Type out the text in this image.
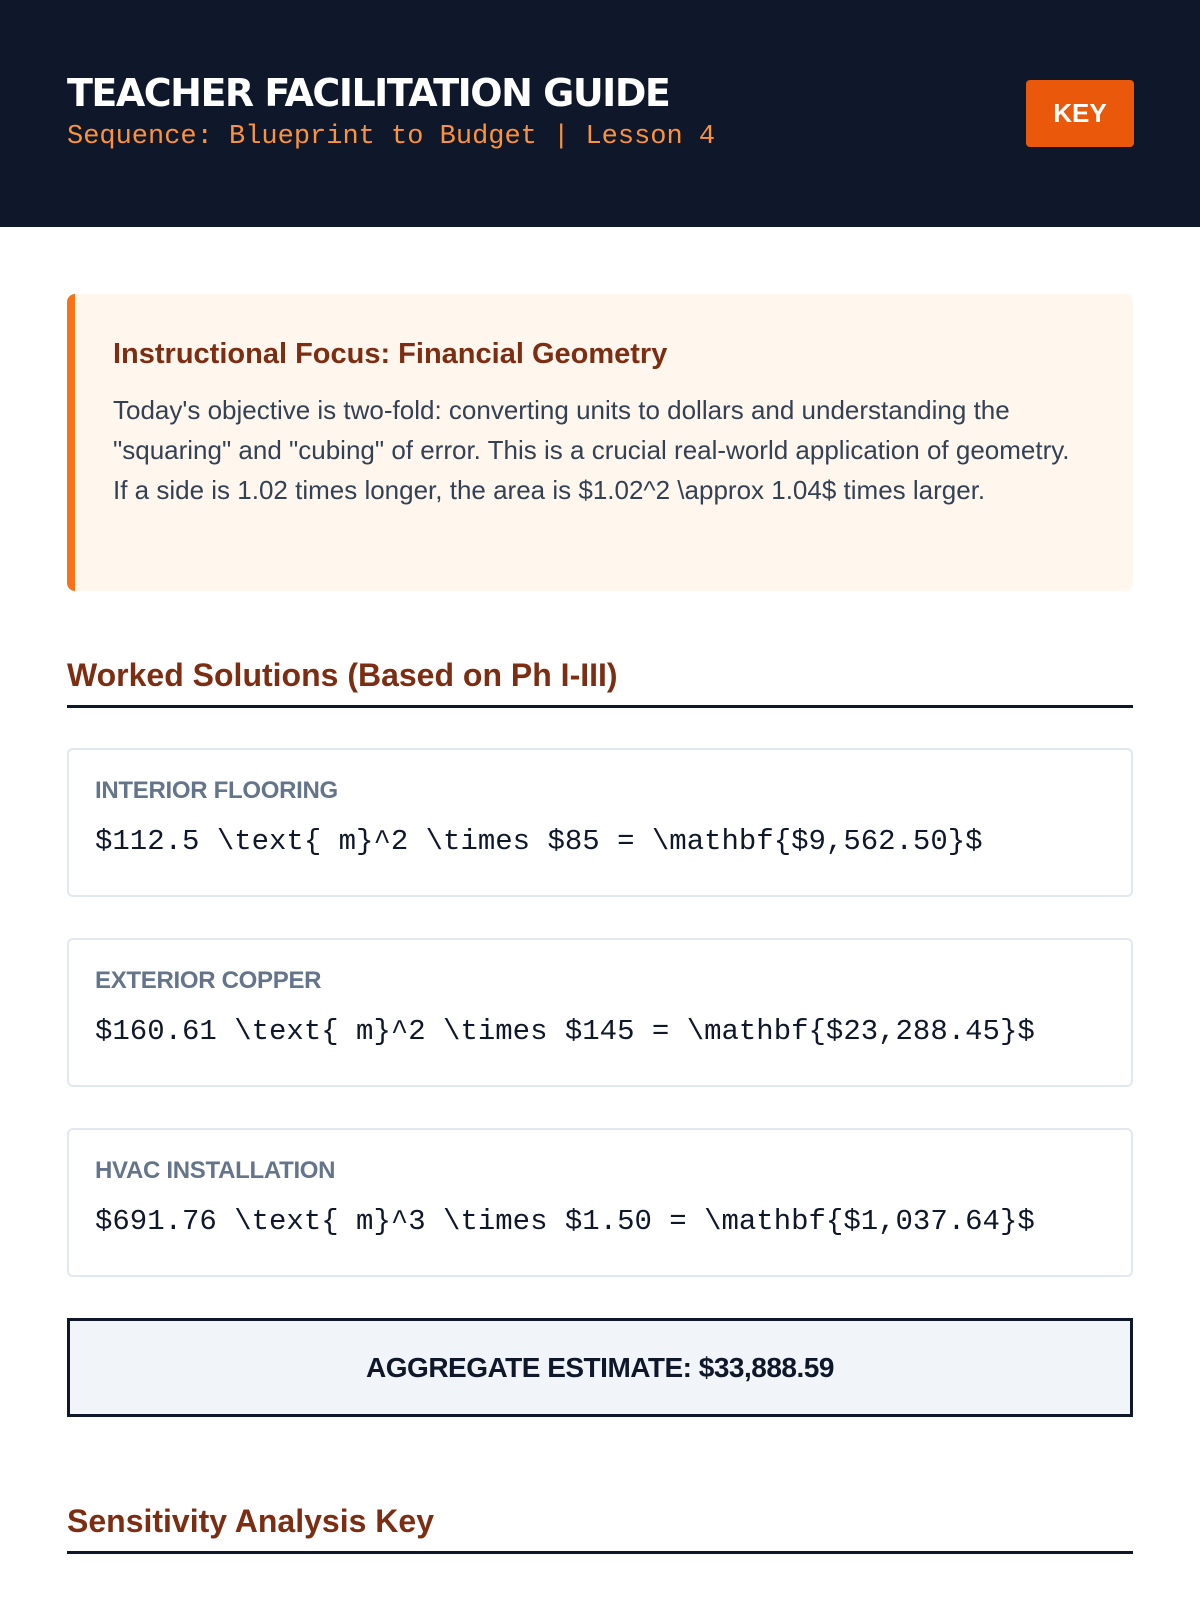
TEACHER FACILITATION GUIDE
Sequence: Blueprint to Budget | Lesson 4
KEY
Instructional Focus: Financial Geometry

Today's objective is two-fold: converting units to dollars and understanding the "squaring" and "cubing" of error. This is a crucial real-world application of geometry. If a side is 1.02 times longer, the area is $1.02^2 \approx 1.04$ times larger.

Worked Solutions (Based on Ph I-III)
INTERIOR FLOORING
$112.5 \text{ m}^2 \times $85 = \mathbf{$9,562.50}$
EXTERIOR COPPER
$160.61 \text{ m}^2 \times $145 = \mathbf{$23,288.45}$
HVAC INSTALLATION
$691.76 \text{ m}^3 \times $1.50 = \mathbf{$1,037.64}$
AGGREGATE ESTIMATE: $33,888.59
Sensitivity Analysis Key
